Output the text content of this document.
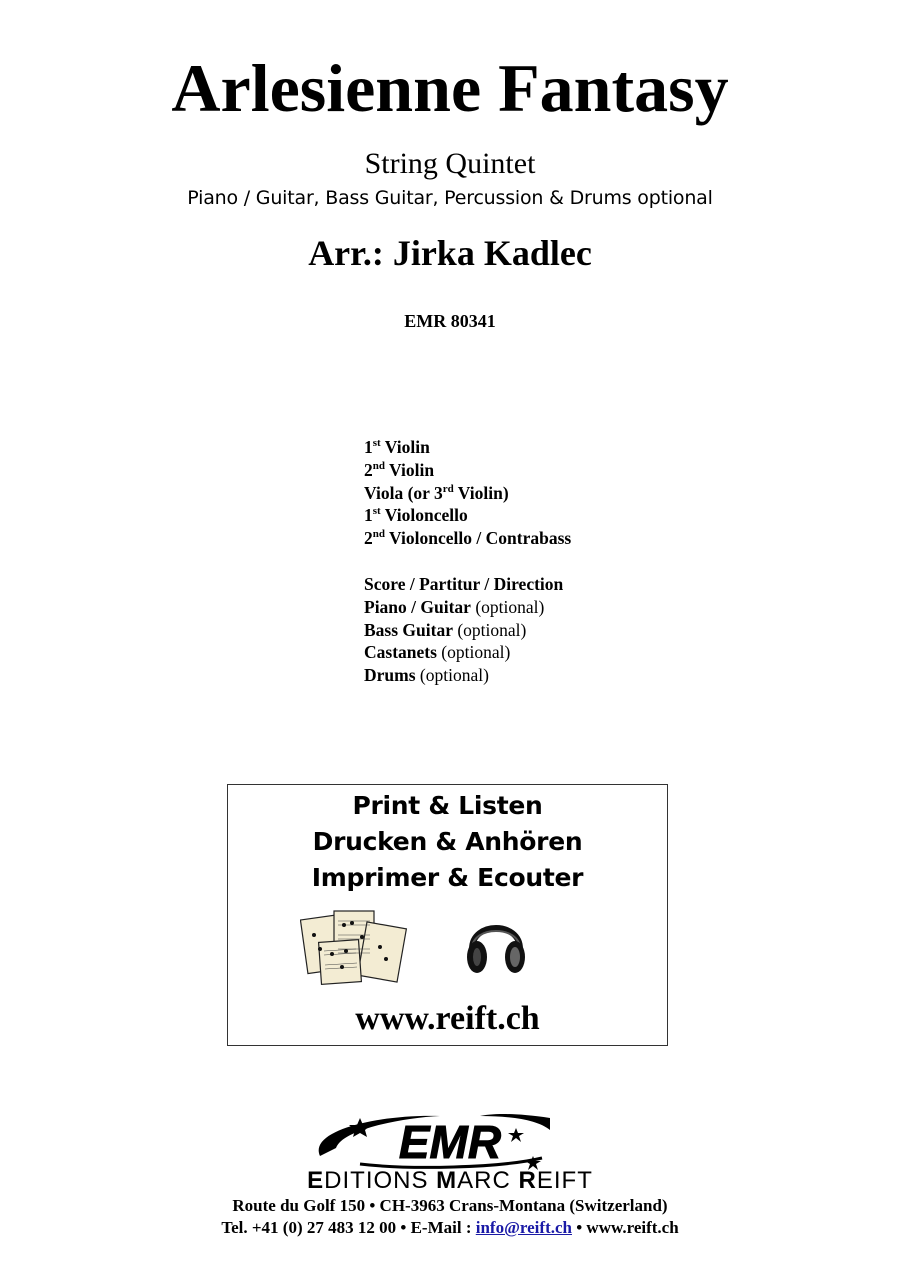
Arlesienne Fantasy
String Quintet
Piano / Guitar, Bass Guitar, Percussion & Drums optional
Arr.: Jirka Kadlec
EMR 80341
1st Violin
2nd Violin
Viola (or 3rd Violin)
1st Violoncello
2nd Violoncello / Contrabass
Score / Partitur / Direction
Piano / Guitar (optional)
Bass Guitar (optional)
Castanets (optional)
Drums (optional)
Print & Listen
Drucken & Anhören
Imprimer & Ecouter
www.reift.ch
EMR
EDITIONS MARC REIFT
Route du Golf 150 • CH-3963 Crans-Montana (Switzerland)
Tel. +41 (0) 27 483 12 00 • E-Mail : info@reift.ch • www.reift.ch
